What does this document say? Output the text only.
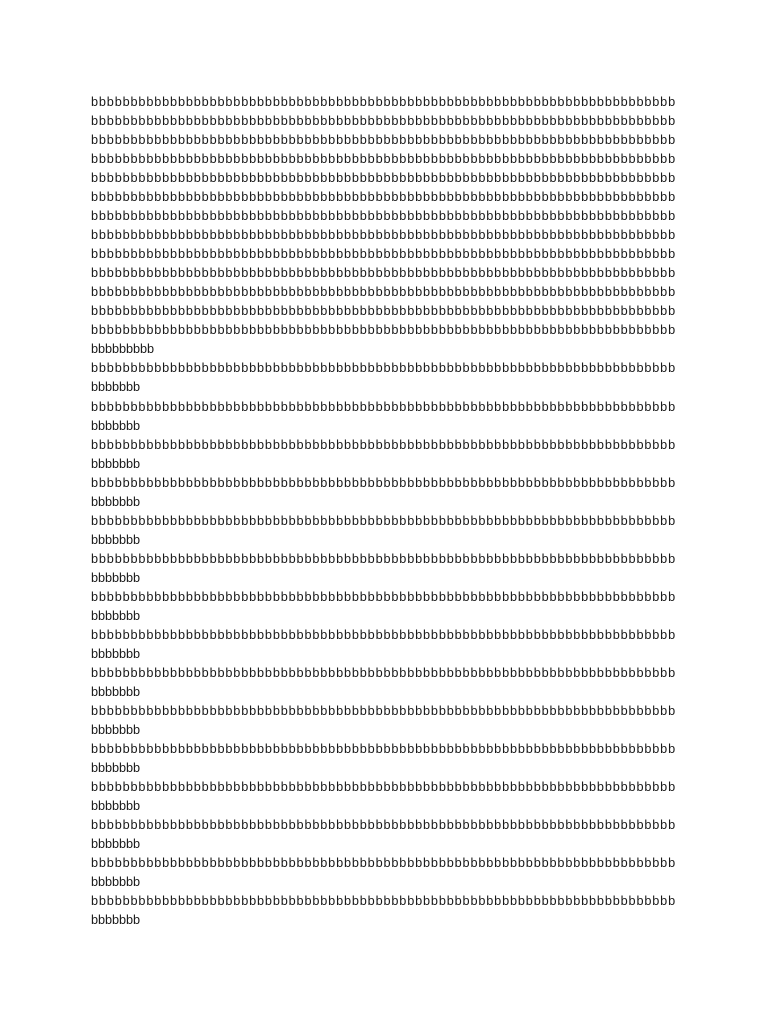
bbbbbbbbbbbbbbbbbbbbbbbbbbbbbbbbbbbbbbbbbbbbbbbbbbbbbbbbbbbbbbbbbbbbbbbbbb
bbbbbbbbbbbbbbbbbbbbbbbbbbbbbbbbbbbbbbbbbbbbbbbbbbbbbbbbbbbbbbbbbbbbbbbbbb
bbbbbbbbbbbbbbbbbbbbbbbbbbbbbbbbbbbbbbbbbbbbbbbbbbbbbbbbbbbbbbbbbbbbbbbbbb
bbbbbbbbbbbbbbbbbbbbbbbbbbbbbbbbbbbbbbbbbbbbbbbbbbbbbbbbbbbbbbbbbbbbbbbbbb
bbbbbbbbbbbbbbbbbbbbbbbbbbbbbbbbbbbbbbbbbbbbbbbbbbbbbbbbbbbbbbbbbbbbbbbbbb
bbbbbbbbbbbbbbbbbbbbbbbbbbbbbbbbbbbbbbbbbbbbbbbbbbbbbbbbbbbbbbbbbbbbbbbbbb
bbbbbbbbbbbbbbbbbbbbbbbbbbbbbbbbbbbbbbbbbbbbbbbbbbbbbbbbbbbbbbbbbbbbbbbbbb
bbbbbbbbbbbbbbbbbbbbbbbbbbbbbbbbbbbbbbbbbbbbbbbbbbbbbbbbbbbbbbbbbbbbbbbbbb
bbbbbbbbbbbbbbbbbbbbbbbbbbbbbbbbbbbbbbbbbbbbbbbbbbbbbbbbbbbbbbbbbbbbbbbbbb
bbbbbbbbbbbbbbbbbbbbbbbbbbbbbbbbbbbbbbbbbbbbbbbbbbbbbbbbbbbbbbbbbbbbbbbbbb
bbbbbbbbbbbbbbbbbbbbbbbbbbbbbbbbbbbbbbbbbbbbbbbbbbbbbbbbbbbbbbbbbbbbbbbbbb
bbbbbbbbbbbbbbbbbbbbbbbbbbbbbbbbbbbbbbbbbbbbbbbbbbbbbbbbbbbbbbbbbbbbbbbbbb
bbbbbbbbbbbbbbbbbbbbbbbbbbbbbbbbbbbbbbbbbbbbbbbbbbbbbbbbbbbbbbbbbbbbbbbbbb
bbbbbbbbb
bbbbbbbbbbbbbbbbbbbbbbbbbbbbbbbbbbbbbbbbbbbbbbbbbbbbbbbbbbbbbbbbbbbbbbbbbb
bbbbbbb
bbbbbbbbbbbbbbbbbbbbbbbbbbbbbbbbbbbbbbbbbbbbbbbbbbbbbbbbbbbbbbbbbbbbbbbbbb
bbbbbbb
bbbbbbbbbbbbbbbbbbbbbbbbbbbbbbbbbbbbbbbbbbbbbbbbbbbbbbbbbbbbbbbbbbbbbbbbbb
bbbbbbb
bbbbbbbbbbbbbbbbbbbbbbbbbbbbbbbbbbbbbbbbbbbbbbbbbbbbbbbbbbbbbbbbbbbbbbbbbb
bbbbbbb
bbbbbbbbbbbbbbbbbbbbbbbbbbbbbbbbbbbbbbbbbbbbbbbbbbbbbbbbbbbbbbbbbbbbbbbbbb
bbbbbbb
bbbbbbbbbbbbbbbbbbbbbbbbbbbbbbbbbbbbbbbbbbbbbbbbbbbbbbbbbbbbbbbbbbbbbbbbbb
bbbbbbb
bbbbbbbbbbbbbbbbbbbbbbbbbbbbbbbbbbbbbbbbbbbbbbbbbbbbbbbbbbbbbbbbbbbbbbbbbb
bbbbbbb
bbbbbbbbbbbbbbbbbbbbbbbbbbbbbbbbbbbbbbbbbbbbbbbbbbbbbbbbbbbbbbbbbbbbbbbbbb
bbbbbbb
bbbbbbbbbbbbbbbbbbbbbbbbbbbbbbbbbbbbbbbbbbbbbbbbbbbbbbbbbbbbbbbbbbbbbbbbbb
bbbbbbb
bbbbbbbbbbbbbbbbbbbbbbbbbbbbbbbbbbbbbbbbbbbbbbbbbbbbbbbbbbbbbbbbbbbbbbbbbb
bbbbbbb
bbbbbbbbbbbbbbbbbbbbbbbbbbbbbbbbbbbbbbbbbbbbbbbbbbbbbbbbbbbbbbbbbbbbbbbbbb
bbbbbbb
bbbbbbbbbbbbbbbbbbbbbbbbbbbbbbbbbbbbbbbbbbbbbbbbbbbbbbbbbbbbbbbbbbbbbbbbbb
bbbbbbb
bbbbbbbbbbbbbbbbbbbbbbbbbbbbbbbbbbbbbbbbbbbbbbbbbbbbbbbbbbbbbbbbbbbbbbbbbb
bbbbbbb
bbbbbbbbbbbbbbbbbbbbbbbbbbbbbbbbbbbbbbbbbbbbbbbbbbbbbbbbbbbbbbbbbbbbbbbbbb
bbbbbbb
bbbbbbbbbbbbbbbbbbbbbbbbbbbbbbbbbbbbbbbbbbbbbbbbbbbbbbbbbbbbbbbbbbbbbbbbbb
bbbbbbb
